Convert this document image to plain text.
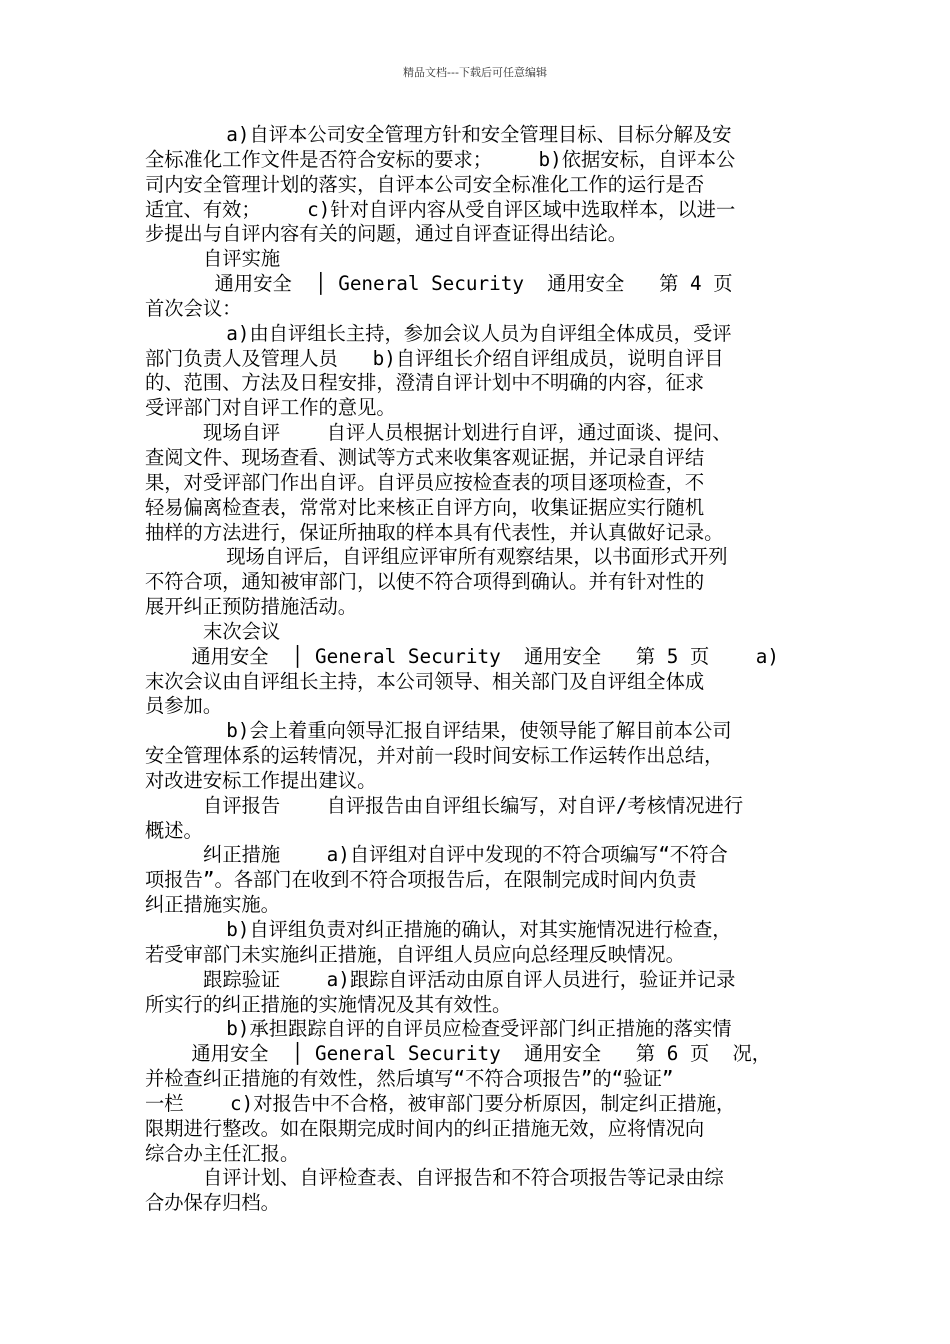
精品文档---下载后可任意编辑
a)自评本公司安全管理方针和安全管理目标、目标分解及安
全标准化工作文件是否符合安标的要求；    b)依据安标，自评本公
司内安全管理计划的落实，自评本公司安全标准化工作的运行是否
适宜、有效；    c)针对自评内容从受自评区域中选取样本，以进一
步提出与自评内容有关的问题，通过自评查证得出结论。
自评实施
通用安全  │ General Security  通用安全   第 4 页
首次会议：
a)由自评组长主持，参加会议人员为自评组全体成员，受评
部门负责人及管理人员   b)自评组长介绍自评组成员，说明自评目
的、范围、方法及日程安排，澄清自评计划中不明确的内容，征求
受评部门对自评工作的意见。
现场自评    自评人员根据计划进行自评，通过面谈、提问、
查阅文件、现场查看、测试等方式来收集客观证据，并记录自评结
果，对受评部门作出自评。自评员应按检查表的项目逐项检查，不
轻易偏离检查表，常常对比来核正自评方向，收集证据应实行随机
抽样的方法进行，保证所抽取的样本具有代表性，并认真做好记录。
现场自评后，自评组应评审所有观察结果，以书面形式开列
不符合项，通知被审部门，以使不符合项得到确认。并有针对性的
展开纠正预防措施活动。
末次会议
通用安全  │ General Security  通用安全   第 5 页    a)
末次会议由自评组长主持，本公司领导、相关部门及自评组全体成
员参加。
b)会上着重向领导汇报自评结果，使领导能了解目前本公司
安全管理体系的运转情况，并对前一段时间安标工作运转作出总结，
对改进安标工作提出建议。
自评报告    自评报告由自评组长编写，对自评/考核情况进行
概述。
纠正措施    a)自评组对自评中发现的不符合项编写“不符合
项报告”。各部门在收到不符合项报告后，在限制完成时间内负责
纠正措施实施。
b)自评组负责对纠正措施的确认，对其实施情况进行检查，
若受审部门未实施纠正措施，自评组人员应向总经理反映情况。
跟踪验证    a)跟踪自评活动由原自评人员进行，验证并记录
所实行的纠正措施的实施情况及其有效性。
b)承担跟踪自评的自评员应检查受评部门纠正措施的落实情
通用安全  │ General Security  通用安全   第 6 页  况，
并检查纠正措施的有效性，然后填写“不符合项报告”的“验证”
一栏    c)对报告中不合格，被审部门要分析原因，制定纠正措施，
限期进行整改。如在限期完成时间内的纠正措施无效，应将情况向
综合办主任汇报。
自评计划、自评检查表、自评报告和不符合项报告等记录由综
合办保存归档。
